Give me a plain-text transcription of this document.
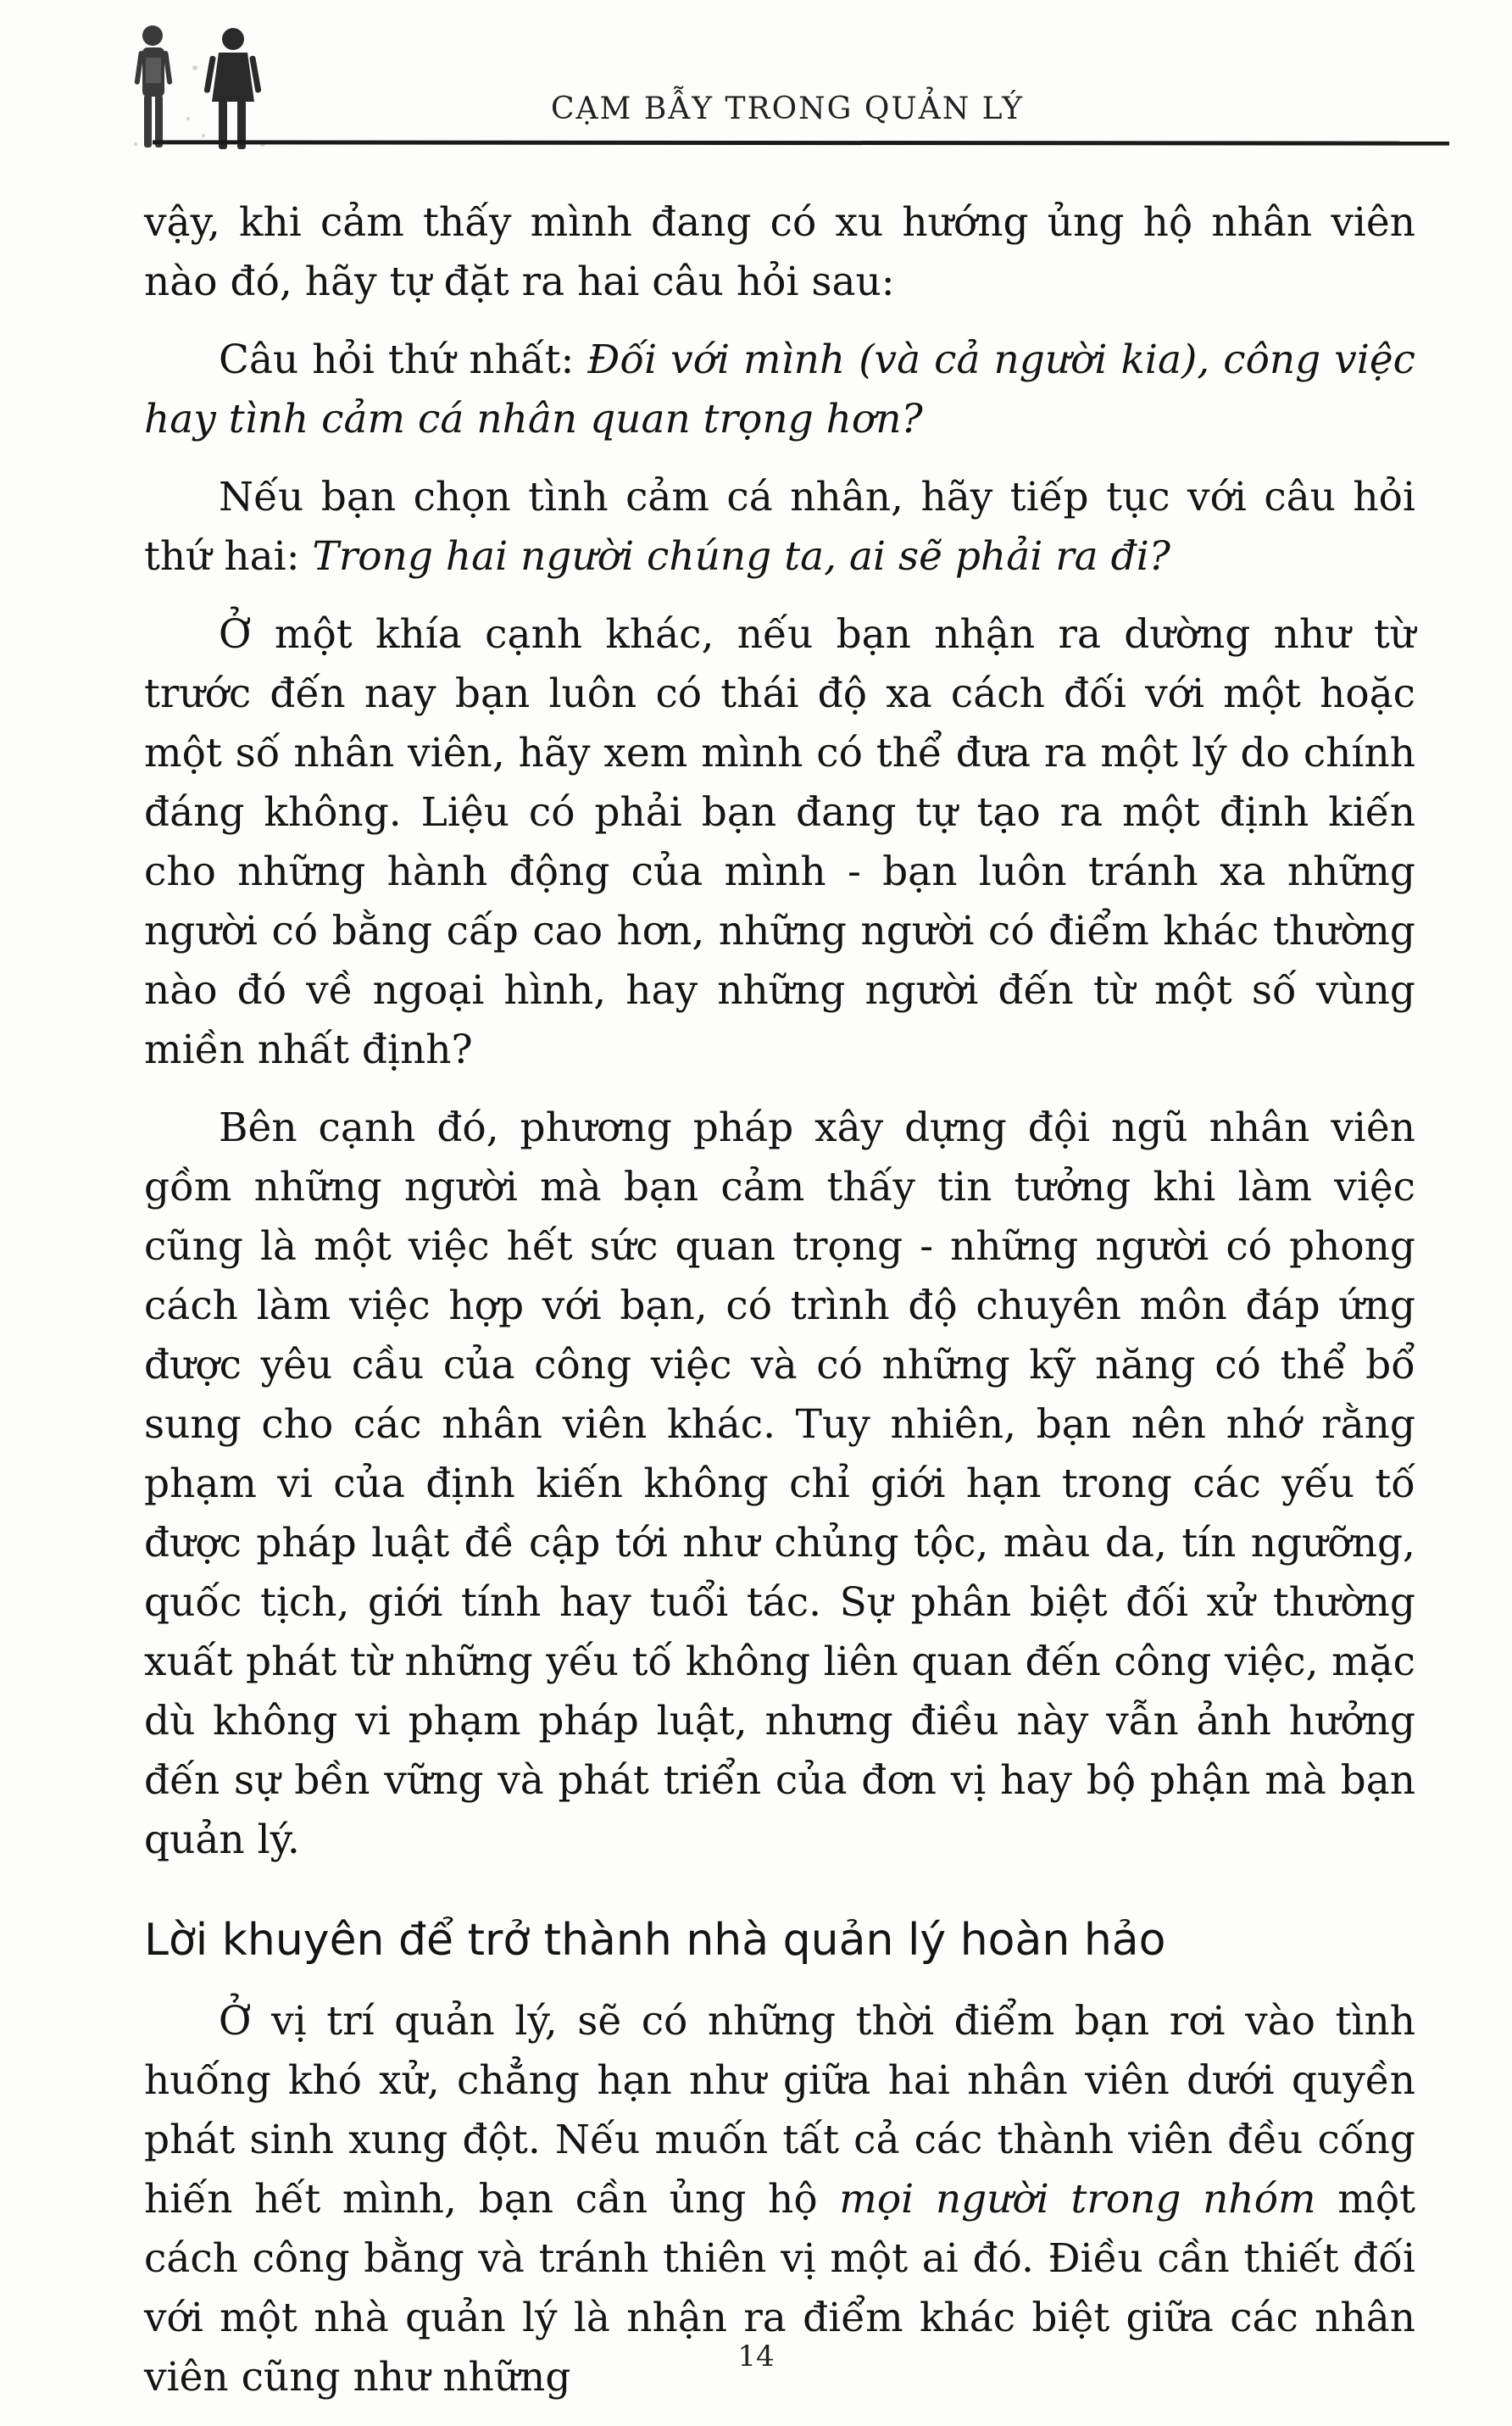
CẠM BẪY TRONG QUẢN LÝ

vậy, khi cảm thấy mình đang có xu hướng ủng hộ nhân viên nào đó, hãy tự đặt ra hai câu hỏi sau:

Câu hỏi thứ nhất: Đối với mình (và cả người kia), công việc hay tình cảm cá nhân quan trọng hơn?

Nếu bạn chọn tình cảm cá nhân, hãy tiếp tục với câu hỏi thứ hai: Trong hai người chúng ta, ai sẽ phải ra đi?

Ở một khía cạnh khác, nếu bạn nhận ra dường như từ trước đến nay bạn luôn có thái độ xa cách đối với một hoặc một số nhân viên, hãy xem mình có thể đưa ra một lý do chính đáng không. Liệu có phải bạn đang tự tạo ra một định kiến cho những hành động của mình - bạn luôn tránh xa những người có bằng cấp cao hơn, những người có điểm khác thường nào đó về ngoại hình, hay những người đến từ một số vùng miền nhất định?

Bên cạnh đó, phương pháp xây dựng đội ngũ nhân viên gồm những người mà bạn cảm thấy tin tưởng khi làm việc cũng là một việc hết sức quan trọng - những người có phong cách làm việc hợp với bạn, có trình độ chuyên môn đáp ứng được yêu cầu của công việc và có những kỹ năng có thể bổ sung cho các nhân viên khác. Tuy nhiên, bạn nên nhớ rằng phạm vi của định kiến không chỉ giới hạn trong các yếu tố được pháp luật đề cập tới như chủng tộc, màu da, tín ngưỡng, quốc tịch, giới tính hay tuổi tác. Sự phân biệt đối xử thường xuất phát từ những yếu tố không liên quan đến công việc, mặc dù không vi phạm pháp luật, nhưng điều này vẫn ảnh hưởng đến sự bền vững và phát triển của đơn vị hay bộ phận mà bạn quản lý.

Lời khuyên để trở thành nhà quản lý hoàn hảo

Ở vị trí quản lý, sẽ có những thời điểm bạn rơi vào tình huống khó xử, chẳng hạn như giữa hai nhân viên dưới quyền phát sinh xung đột. Nếu muốn tất cả các thành viên đều cống hiến hết mình, bạn cần ủng hộ mọi người trong nhóm một cách công bằng và tránh thiên vị một ai đó. Điều cần thiết đối với một nhà quản lý là nhận ra điểm khác biệt giữa các nhân viên cũng như những	14
